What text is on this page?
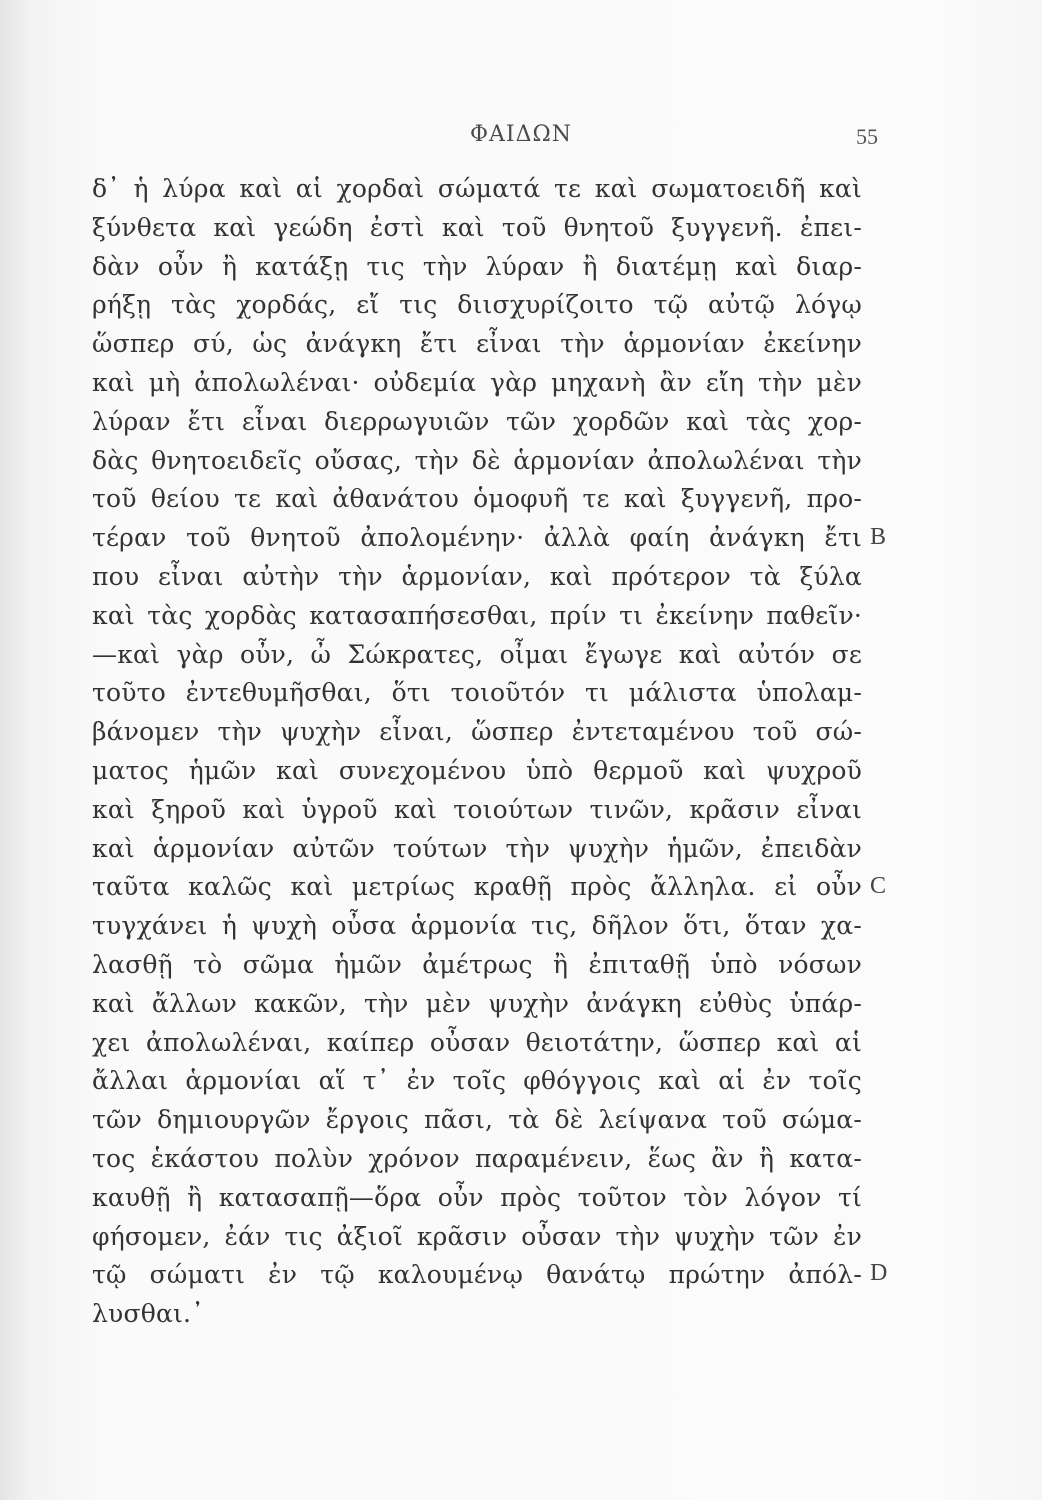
ΦΑΙΔΩΝ	55
δ᾽ ἡ λύρα καὶ αἱ χορδαὶ σώματά τε καὶ σωματοειδῆ καὶ
ξύνθετα καὶ γεώδη ἐστὶ καὶ τοῦ θνητοῦ ξυγγενῆ. ἐπει-
δὰν οὖν ἢ κατάξῃ τις τὴν λύραν ἢ διατέμῃ καὶ διαρ-
ρήξῃ τὰς χορδάς, εἴ τις διισχυρίζοιτο τῷ αὐτῷ λόγῳ
ὥσπερ σύ, ὡς ἀνάγκη ἔτι εἶναι τὴν ἁρμονίαν ἐκείνην
καὶ μὴ ἀπολωλέναι· οὐδεμία γὰρ μηχανὴ ἂν εἴη τὴν μὲν
λύραν ἔτι εἶναι διερρωγυιῶν τῶν χορδῶν καὶ τὰς χορ-
δὰς θνητοειδεῖς οὔσας, τὴν δὲ ἁρμονίαν ἀπολωλέναι τὴν
τοῦ θείου τε καὶ ἀθανάτου ὁμοφυῆ τε καὶ ξυγγενῆ, προ-
τέραν τοῦ θνητοῦ ἀπολομένην· ἀλλὰ φαίη ἀνάγκη ἔτι
που εἶναι αὐτὴν τὴν ἁρμονίαν, καὶ πρότερον τὰ ξύλα
καὶ τὰς χορδὰς κατασαπήσεσθαι, πρίν τι ἐκείνην παθεῖν·
—καὶ γὰρ οὖν, ὦ Σώκρατες, οἶμαι ἔγωγε καὶ αὐτόν σε
τοῦτο ἐντεθυμῆσθαι, ὅτι τοιοῦτόν τι μάλιστα ὑπολαμ-
βάνομεν τὴν ψυχὴν εἶναι, ὥσπερ ἐντεταμένου τοῦ σώ-
ματος ἡμῶν καὶ συνεχομένου ὑπὸ θερμοῦ καὶ ψυχροῦ
καὶ ξηροῦ καὶ ὑγροῦ καὶ τοιούτων τινῶν, κρᾶσιν εἶναι
καὶ ἁρμονίαν αὐτῶν τούτων τὴν ψυχὴν ἡμῶν, ἐπειδὰν
ταῦτα καλῶς καὶ μετρίως κραθῇ πρὸς ἄλληλα. εἰ οὖν
τυγχάνει ἡ ψυχὴ οὖσα ἁρμονία τις, δῆλον ὅτι, ὅταν χα-
λασθῇ τὸ σῶμα ἡμῶν ἀμέτρως ἢ ἐπιταθῇ ὑπὸ νόσων
καὶ ἄλλων κακῶν, τὴν μὲν ψυχὴν ἀνάγκη εὐθὺς ὑπάρ-
χει ἀπολωλέναι, καίπερ οὖσαν θειοτάτην, ὥσπερ καὶ αἱ
ἄλλαι ἁρμονίαι αἵ τ᾽ ἐν τοῖς φθόγγοις καὶ αἱ ἐν τοῖς
τῶν δημιουργῶν ἔργοις πᾶσι, τὰ δὲ λείψανα τοῦ σώμα-
τος ἑκάστου πολὺν χρόνον παραμένειν, ἕως ἂν ἢ κατα-
καυθῇ ἢ κατασαπῇ—ὅρα οὖν πρὸς τοῦτον τὸν λόγον τί
φήσομεν, ἐάν τις ἀξιοῖ κρᾶσιν οὖσαν τὴν ψυχὴν τῶν ἐν
τῷ σώματι ἐν τῷ καλουμένῳ θανάτῳ πρώτην ἀπόλ-
λυσθαι.᾽
B
C
D
